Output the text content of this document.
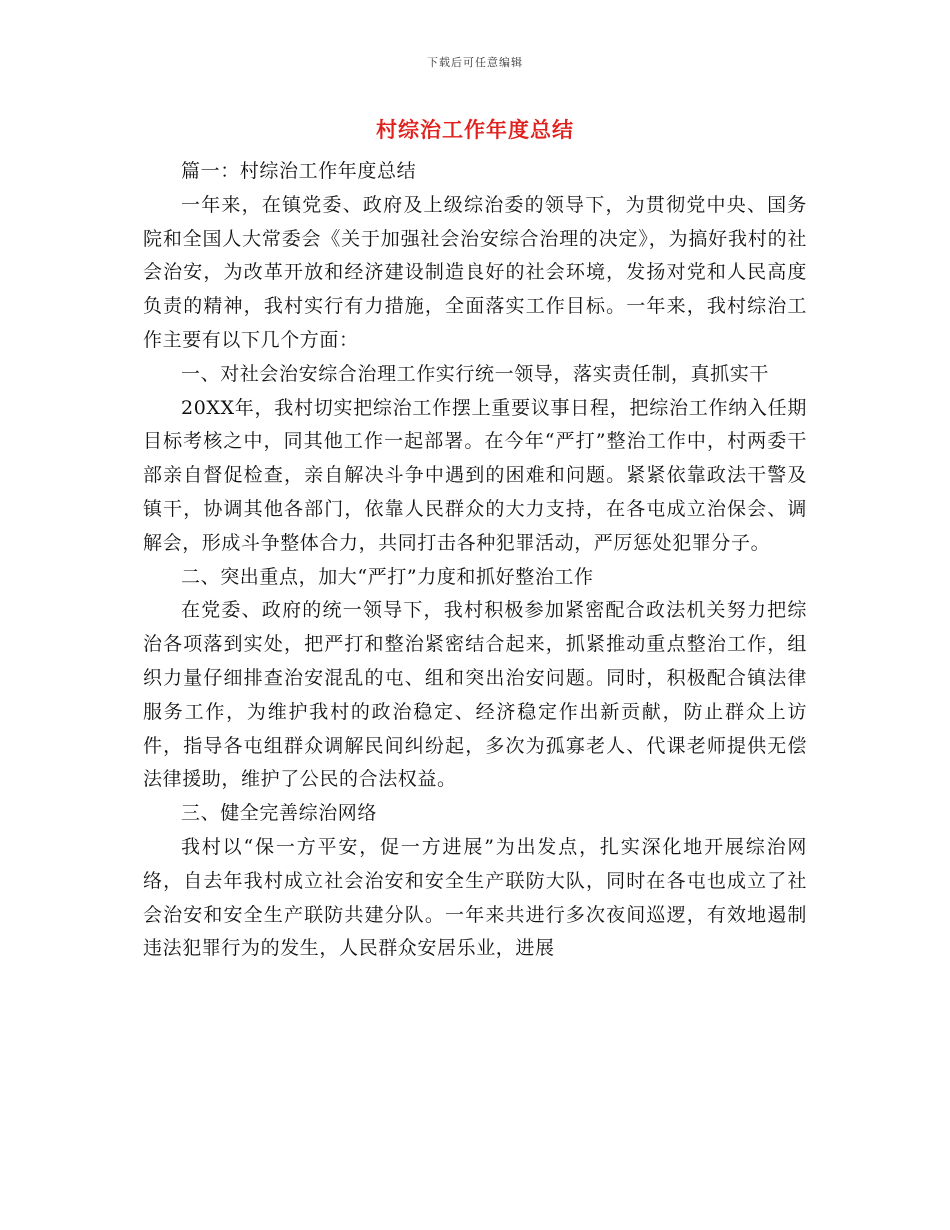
下载后可任意编辑
村综治工作年度总结

篇一：村综治工作年度总结

一年来，在镇党委、政府及上级综治委的领导下，为贯彻党中央、国务院和全国人大常委会《关于加强社会治安综合治理的决定》，为搞好我村的社会治安，为改革开放和经济建设制造良好的社会环境，发扬对党和人民高度负责的精神，我村实行有力措施，全面落实工作目标。一年来，我村综治工作主要有以下几个方面：

一、对社会治安综合治理工作实行统一领导，落实责任制，真抓实干

20XX年，我村切实把综治工作摆上重要议事日程，把综治工作纳入任期目标考核之中，同其他工作一起部署。在今年“严打”整治工作中，村两委干部亲自督促检查，亲自解决斗争中遇到的困难和问题。紧紧依靠政法干警及镇干，协调其他各部门，依靠人民群众的大力支持，在各屯成立治保会、调解会，形成斗争整体合力，共同打击各种犯罪活动，严厉惩处犯罪分子。

二、突出重点，加大“严打”力度和抓好整治工作

在党委、政府的统一领导下，我村积极参加紧密配合政法机关努力把综治各项落到实处，把严打和整治紧密结合起来，抓紧推动重点整治工作，组织力量仔细排查治安混乱的屯、组和突出治安问题。同时，积极配合镇法律服务工作，为维护我村的政治稳定、经济稳定作出新贡献，防止群众上访件，指导各屯组群众调解民间纠纷起，多次为孤寡老人、代课老师提供无偿法律援助，维护了公民的合法权益。

三、健全完善综治网络

我村以“保一方平安，促一方进展”为出发点，扎实深化地开展综治网络，自去年我村成立社会治安和安全生产联防大队，同时在各屯也成立了社会治安和安全生产联防共建分队。一年来共进行多次夜间巡逻，有效地遏制违法犯罪行为的发生，人民群众安居乐业，进展
